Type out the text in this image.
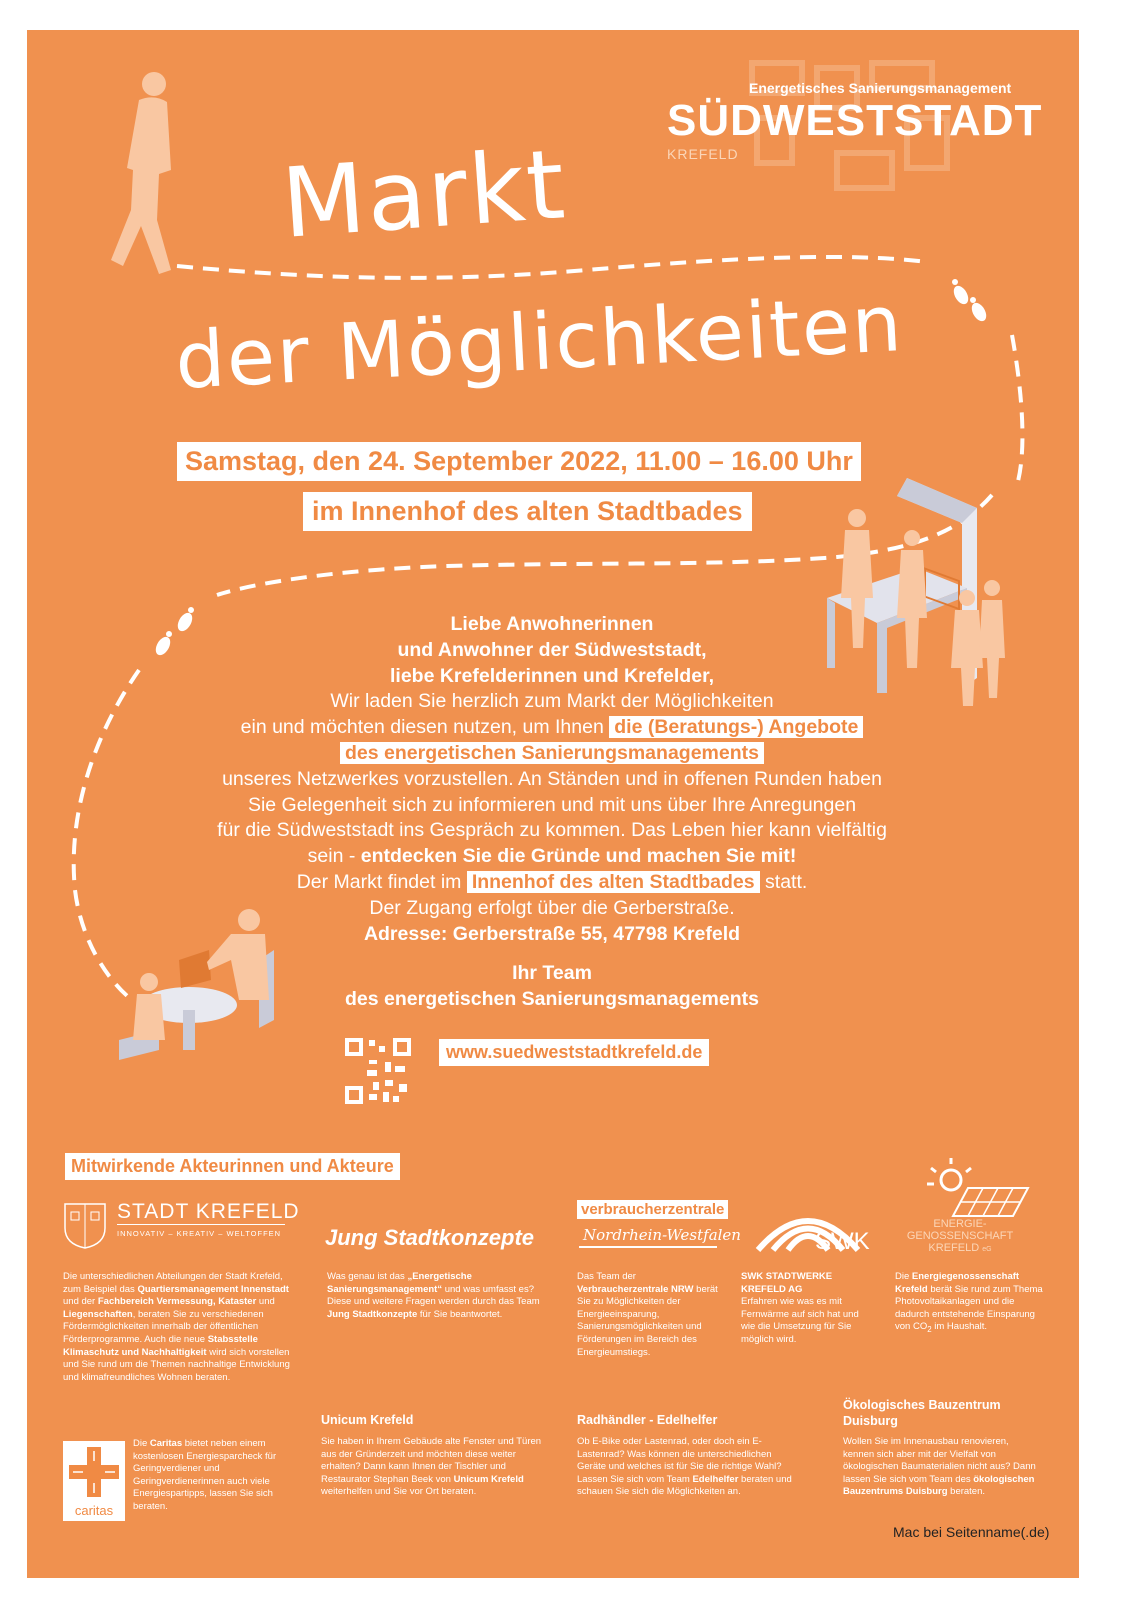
Energetisches Sanierungsmanagement
SÜDWESTSTADT
KREFELD
Markt
der Möglichkeiten
Samstag, den 24. September 2022, 11.00 – 16.00 Uhr
im Innenhof des alten Stadtbades
Liebe Anwohnerinnen
und Anwohner der Südweststadt,
liebe Krefelderinnen und Krefelder,
Wir laden Sie herzlich zum Markt der Möglichkeiten
ein und möchten diesen nutzen, um Ihnen die (Beratungs-) Angebote
des energetischen Sanierungsmanagements
unseres Netzwerkes vorzustellen. An Ständen und in offenen Runden haben
Sie Gelegenheit sich zu informieren und mit uns über Ihre Anregungen
für die Südweststadt ins Gespräch zu kommen. Das Leben hier kann vielfältig
sein - entdecken Sie die Gründe und machen Sie mit!
Der Markt findet im Innenhof des alten Stadtbades statt.
Der Zugang erfolgt über die Gerberstraße.
Adresse: Gerberstraße 55, 47798 Krefeld
Ihr Team
des energetischen Sanierungsmanagements
www.suedweststadtkrefeld.de
Mitwirkende Akteurinnen und Akteure
STADT KREFELD
INNOVATIV – KREATIV – WELTOFFEN Jung Stadtkonzepte
verbraucherzentrale
Nordrhein-Westfalen	SWK
ENERGIE-
GENOSSENSCHAFT
KREFELD eG
Die unterschiedlichen Abteilungen der Stadt Krefeld, zum Beispiel das Quartiersmanagement Innenstadt und der Fachbereich Vermessung, Kataster und Liegenschaften, beraten Sie zu verschiedenen Fördermöglichkeiten innerhalb der öffentlichen Förderprogramme. Auch die neue Stabsstelle Klimaschutz und Nachhaltigkeit wird sich vorstellen und Sie rund um die Themen nachhaltige Entwicklung und klimafreundliches Wohnen beraten.
Was genau ist das „Energetische Sanierungsmanagement“ und was umfasst es? Diese und weitere Fragen werden durch das Team Jung Stadtkonzepte für Sie beantwortet.
Das Team der Verbraucherzentrale NRW berät Sie zu Möglichkeiten der Energieeinsparung, Sanierungsmöglichkeiten und Förderungen im Bereich des Energieumstiegs.
SWK STADTWERKE KREFELD AG
Erfahren wie was es mit Fernwärme auf sich hat und wie die Umsetzung für Sie möglich wird.
Die Energiegenossenschaft Krefeld berät Sie rund zum Thema Photovoltaikanlagen und die dadurch entstehende Einsparung von $CO_2$ im Haushalt.
caritas
Die Caritas bietet neben einem kostenlosen Energiesparcheck für Geringverdiener und Geringverdienerinnen auch viele Energiespartipps, lassen Sie sich beraten.
Unicum Krefeld
Sie haben in Ihrem Gebäude alte Fenster und Türen aus der Gründerzeit und möchten diese weiter erhalten? Dann kann Ihnen der Tischler und Restaurator Stephan Beek von Unicum Krefeld weiterhelfen und Sie vor Ort beraten.
Radhändler - Edelhelfer
Ob E-Bike oder Lastenrad, oder doch ein E-Lastenrad? Was können die unterschiedlichen Geräte und welches ist für Sie die richtige Wahl? Lassen Sie sich vom Team Edelhelfer beraten und schauen Sie sich die Möglichkeiten an.
Ökologisches Bauzentrum Duisburg
Wollen Sie im Innenausbau renovieren, kennen sich aber mit der Vielfalt von ökologischen Baumaterialien nicht aus? Dann lassen Sie sich vom Team des ökologischen Bauzentrums Duisburg beraten.
Mac bei Seitenname(.de)
